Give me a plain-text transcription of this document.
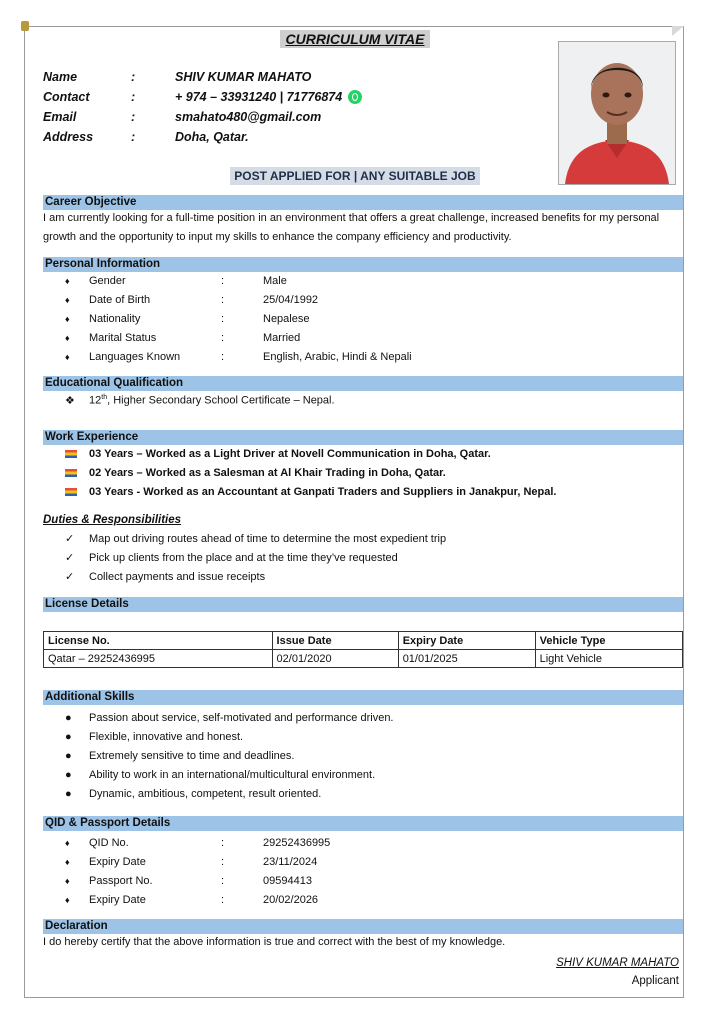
CURRICULUM VITAE
Name	:	SHIV KUMAR MAHATO
Contact	:	+ 974 – 33931240 | 71776874
Email	:	smahato480@gmail.com
Address	:	Doha, Qatar.
POST APPLIED FOR | ANY SUITABLE JOB
Career Objective
I am currently looking for a full-time position in an environment that offers a great challenge, increased benefits for my personal growth and the opportunity to input my skills to enhance the company efficiency and productivity.
Personal Information
♦	Gender	:	Male
♦	Date of Birth	:	25/04/1992
♦	Nationality	:	Nepalese
♦	Marital Status	:	Married
♦	Languages Known	:	English, Arabic, Hindi & Nepali
Educational Qualification
❖	12th, Higher Secondary School Certificate – Nepal.
Work Experience
03 Years – Worked as a Light Driver at Novell Communication in Doha, Qatar.
02 Years – Worked as a Salesman at Al Khair Trading in Doha, Qatar.
03 Years - Worked as an Accountant at Ganpati Traders and Suppliers in Janakpur, Nepal.
Duties & Responsibilities
✓	Map out driving routes ahead of time to determine the most expedient trip
✓	Pick up clients from the place and at the time they’ve requested
✓	Collect payments and issue receipts
License Details
License No.	Issue Date	Expiry Date	Vehicle Type
Qatar – 29252436995	02/01/2020	01/01/2025	Light Vehicle
Additional Skills
●	Passion about service, self-motivated and performance driven.
●	Flexible, innovative and honest.
●	Extremely sensitive to time and deadlines.
●	Ability to work in an international/multicultural environment.
●	Dynamic, ambitious, competent, result oriented.
QID & Passport Details
♦	QID No.	:	29252436995
♦	Expiry Date	:	23/11/2024
♦	Passport No.	:	09594413
♦	Expiry Date	:	20/02/2026
Declaration
I do hereby certify that the above information is true and correct with the best of my knowledge.
SHIV KUMAR MAHATO
Applicant
